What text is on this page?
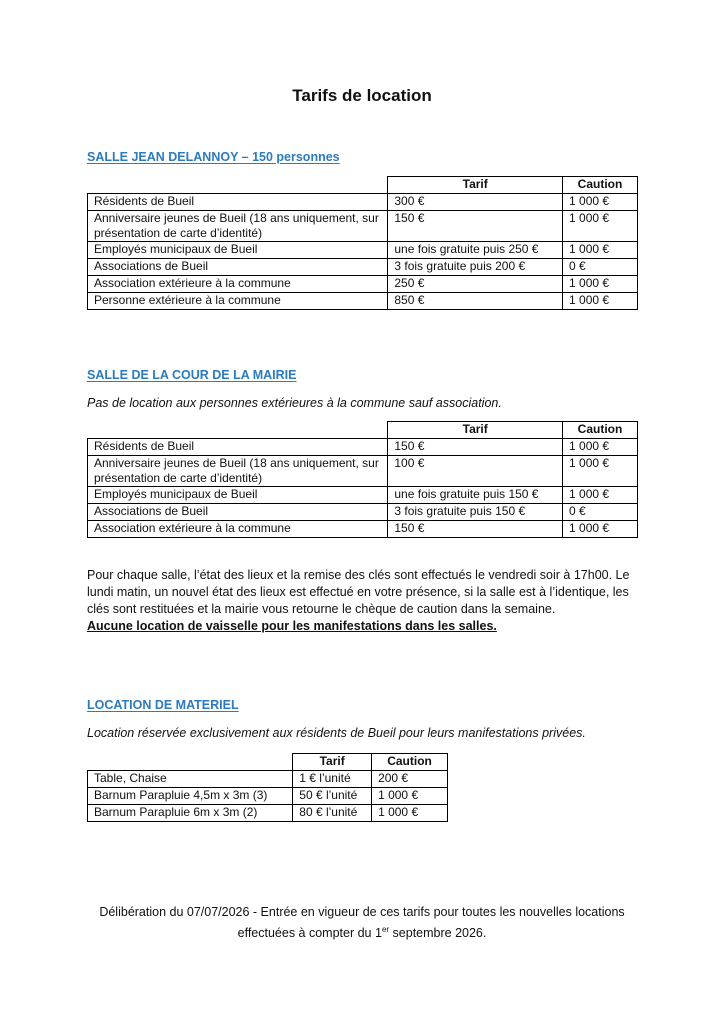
Tarifs de location
SALLE JEAN DELANNOY – 150 personnes
	Tarif	Caution
Résidents de Bueil	300 €	1 000 €
Anniversaire jeunes de Bueil (18 ans uniquement, sur présentation de carte d’identité)	150 €	1 000 €
Employés municipaux de Bueil	une fois gratuite puis 250 €	1 000 €
Associations de Bueil	3 fois gratuite puis 200 €	0 €
Association extérieure à la commune	250 €	1 000 €
Personne extérieure à la commune	850 €	1 000 €
SALLE DE LA COUR DE LA MAIRIE
Pas de location aux personnes extérieures à la commune sauf association.
	Tarif	Caution
Résidents de Bueil	150 €	1 000 €
Anniversaire jeunes de Bueil (18 ans uniquement, sur présentation de carte d’identité)	100 €	1 000 €
Employés municipaux de Bueil	une fois gratuite puis 150 €	1 000 €
Associations de Bueil	3 fois gratuite puis 150 €	0 €
Association extérieure à la commune	150 €	1 000 €
Pour chaque salle, l’état des lieux et la remise des clés sont effectués le vendredi soir à 17h00. Le lundi matin, un nouvel état des lieux est effectué en votre présence, si la salle est à l’identique, les clés sont restituées et la mairie vous retourne le chèque de caution dans la semaine.
Aucune location de vaisselle pour les manifestations dans les salles.
LOCATION DE MATERIEL
Location réservée exclusivement aux résidents de Bueil pour leurs manifestations privées.
	Tarif	Caution
Table, Chaise	1 € l’unité	200 €
Barnum Parapluie 4,5m x 3m (3)	50 € l’unité	1 000 €
Barnum Parapluie 6m x 3m (2)	80 € l’unité	1 000 €
Délibération du 07/07/2026 - Entrée en vigueur de ces tarifs pour toutes les nouvelles locations
effectuées à compter du 1er septembre 2026.
